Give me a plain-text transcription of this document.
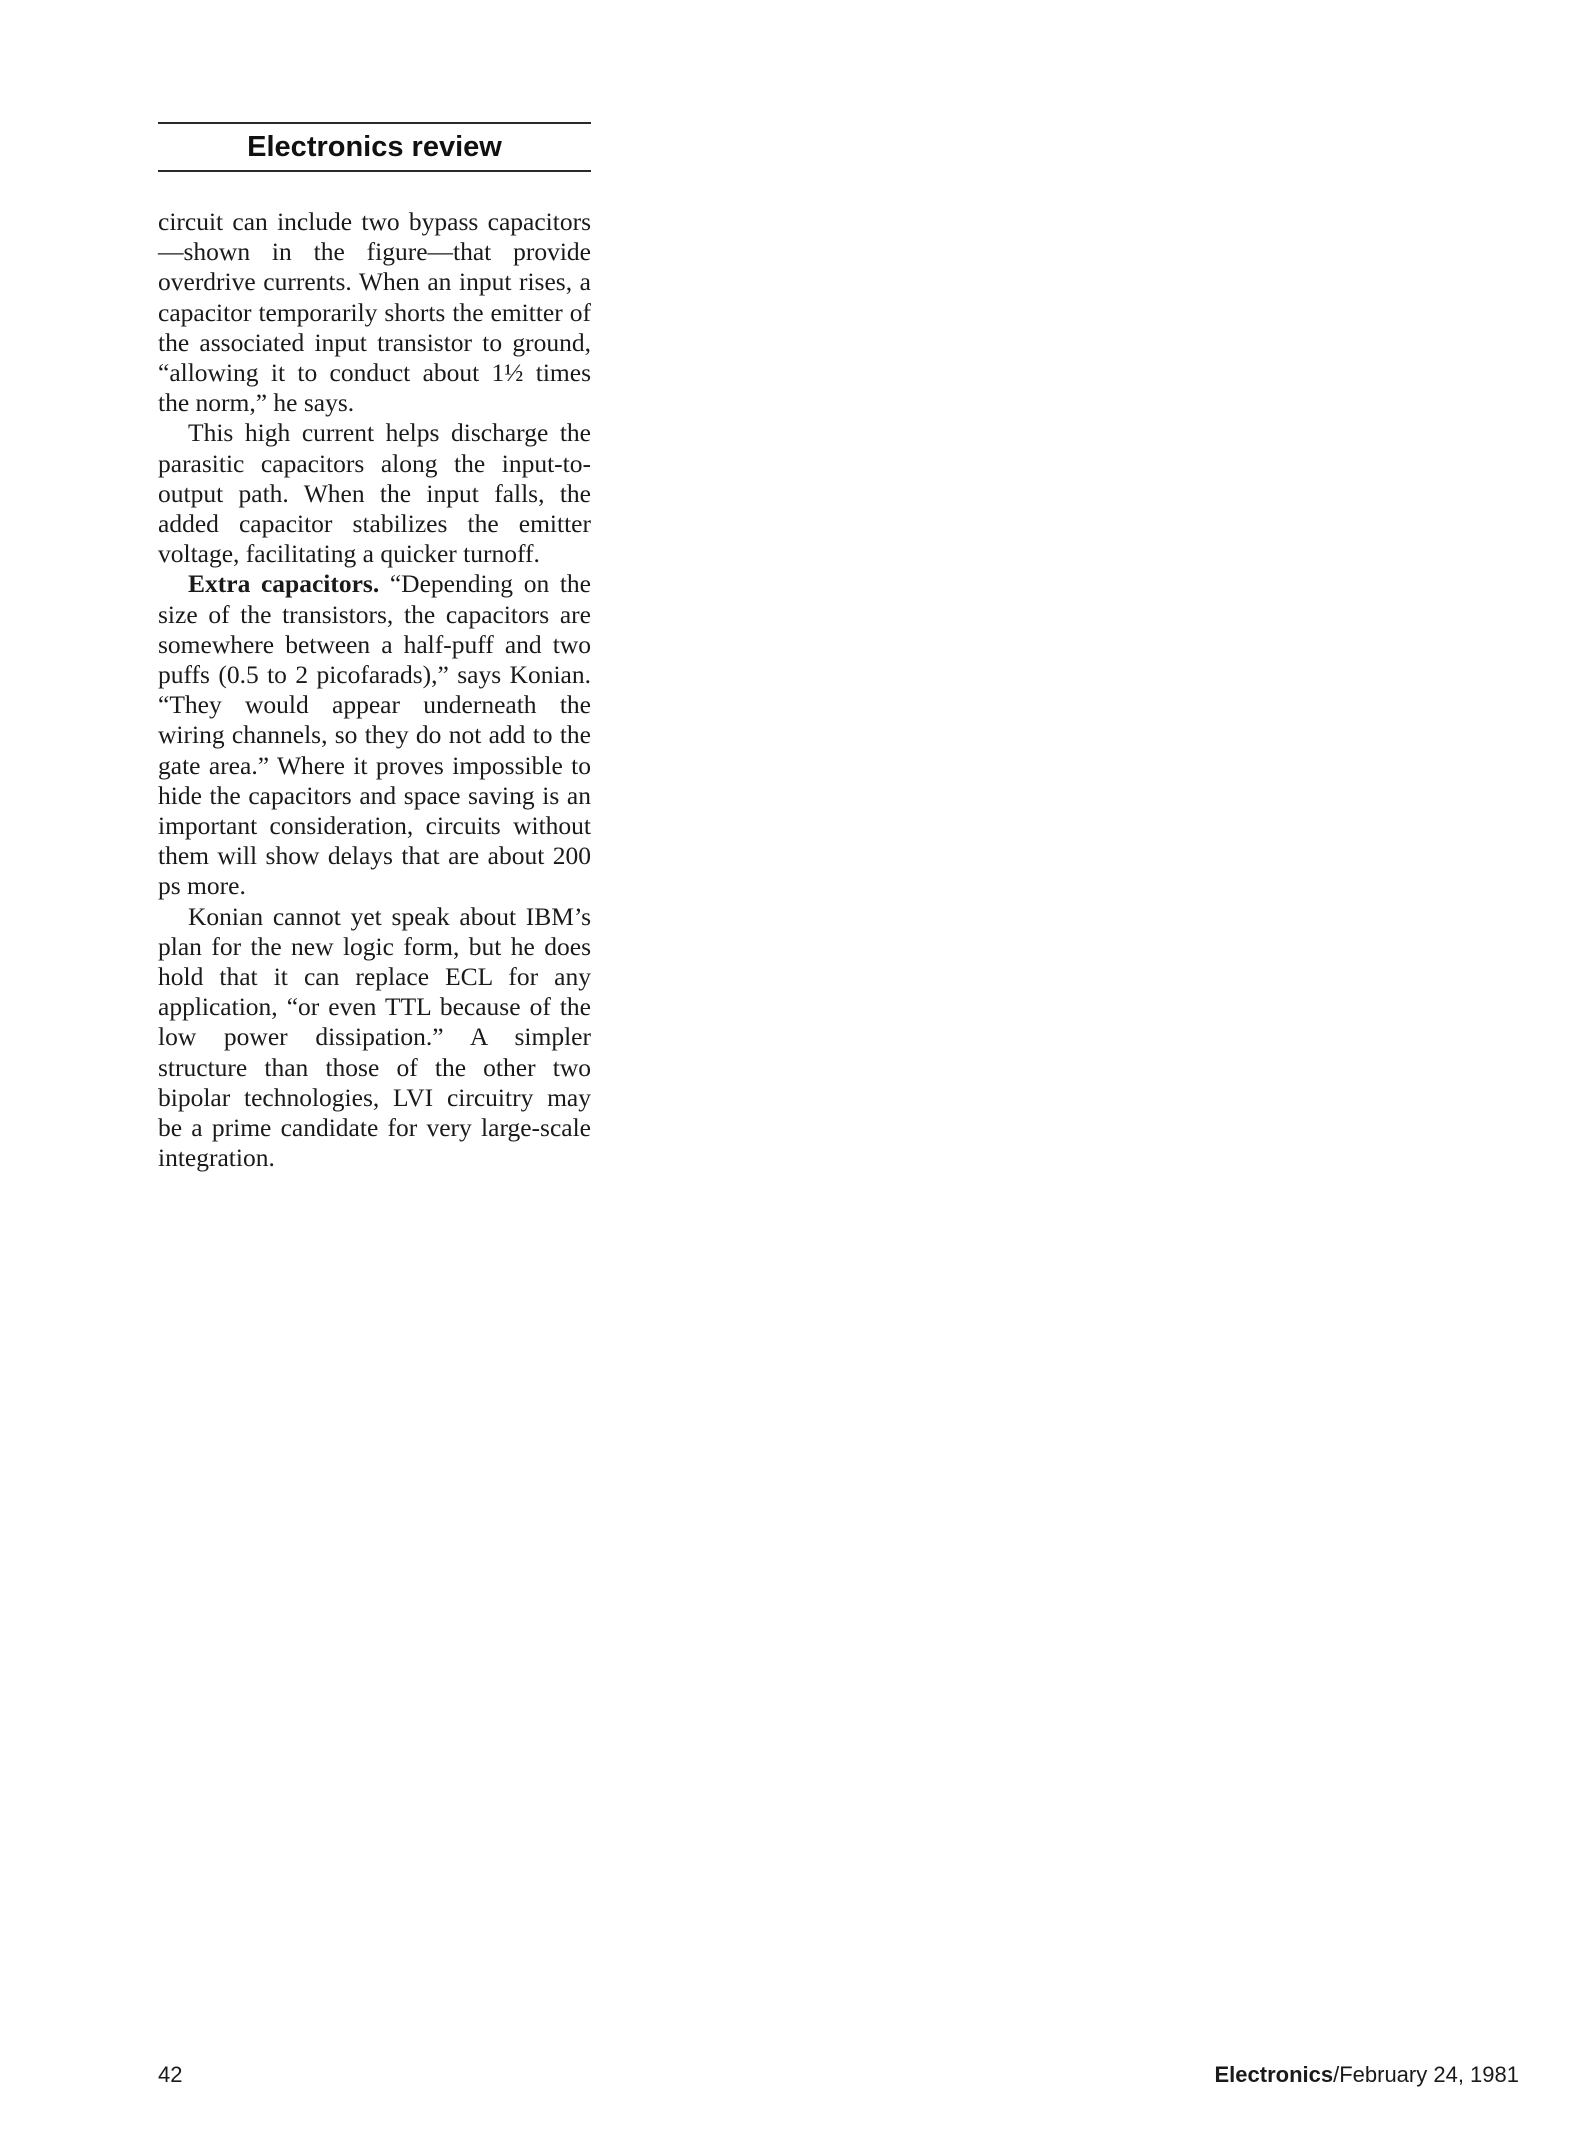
Electronics review

circuit can include two bypass capacitors—shown in the figure—that provide overdrive currents. When an input rises, a capacitor temporarily shorts the emitter of the associated input transistor to ground, “allowing it to conduct about 1½ times the norm,” he says.

This high current helps discharge the parasitic capacitors along the input-to-output path. When the input falls, the added capacitor stabilizes the emitter voltage, facilitating a quicker turnoff.

Extra capacitors. “Depending on the size of the transistors, the capacitors are somewhere between a half-puff and two puffs (0.5 to 2 picofarads),” says Konian. “They would appear underneath the wiring channels, so they do not add to the gate area.” Where it proves impossible to hide the capacitors and space saving is an important consideration, circuits without them will show delays that are about 200 ps more.

Konian cannot yet speak about IBM’s plan for the new logic form, but he does hold that it can replace ECL for any application, “or even TTL because of the low power dissipation.” A simpler structure than those of the other two bipolar technologies, LVI circuitry may be a prime candidate for very large-scale integration.

42	Electronics/February 24, 1981
